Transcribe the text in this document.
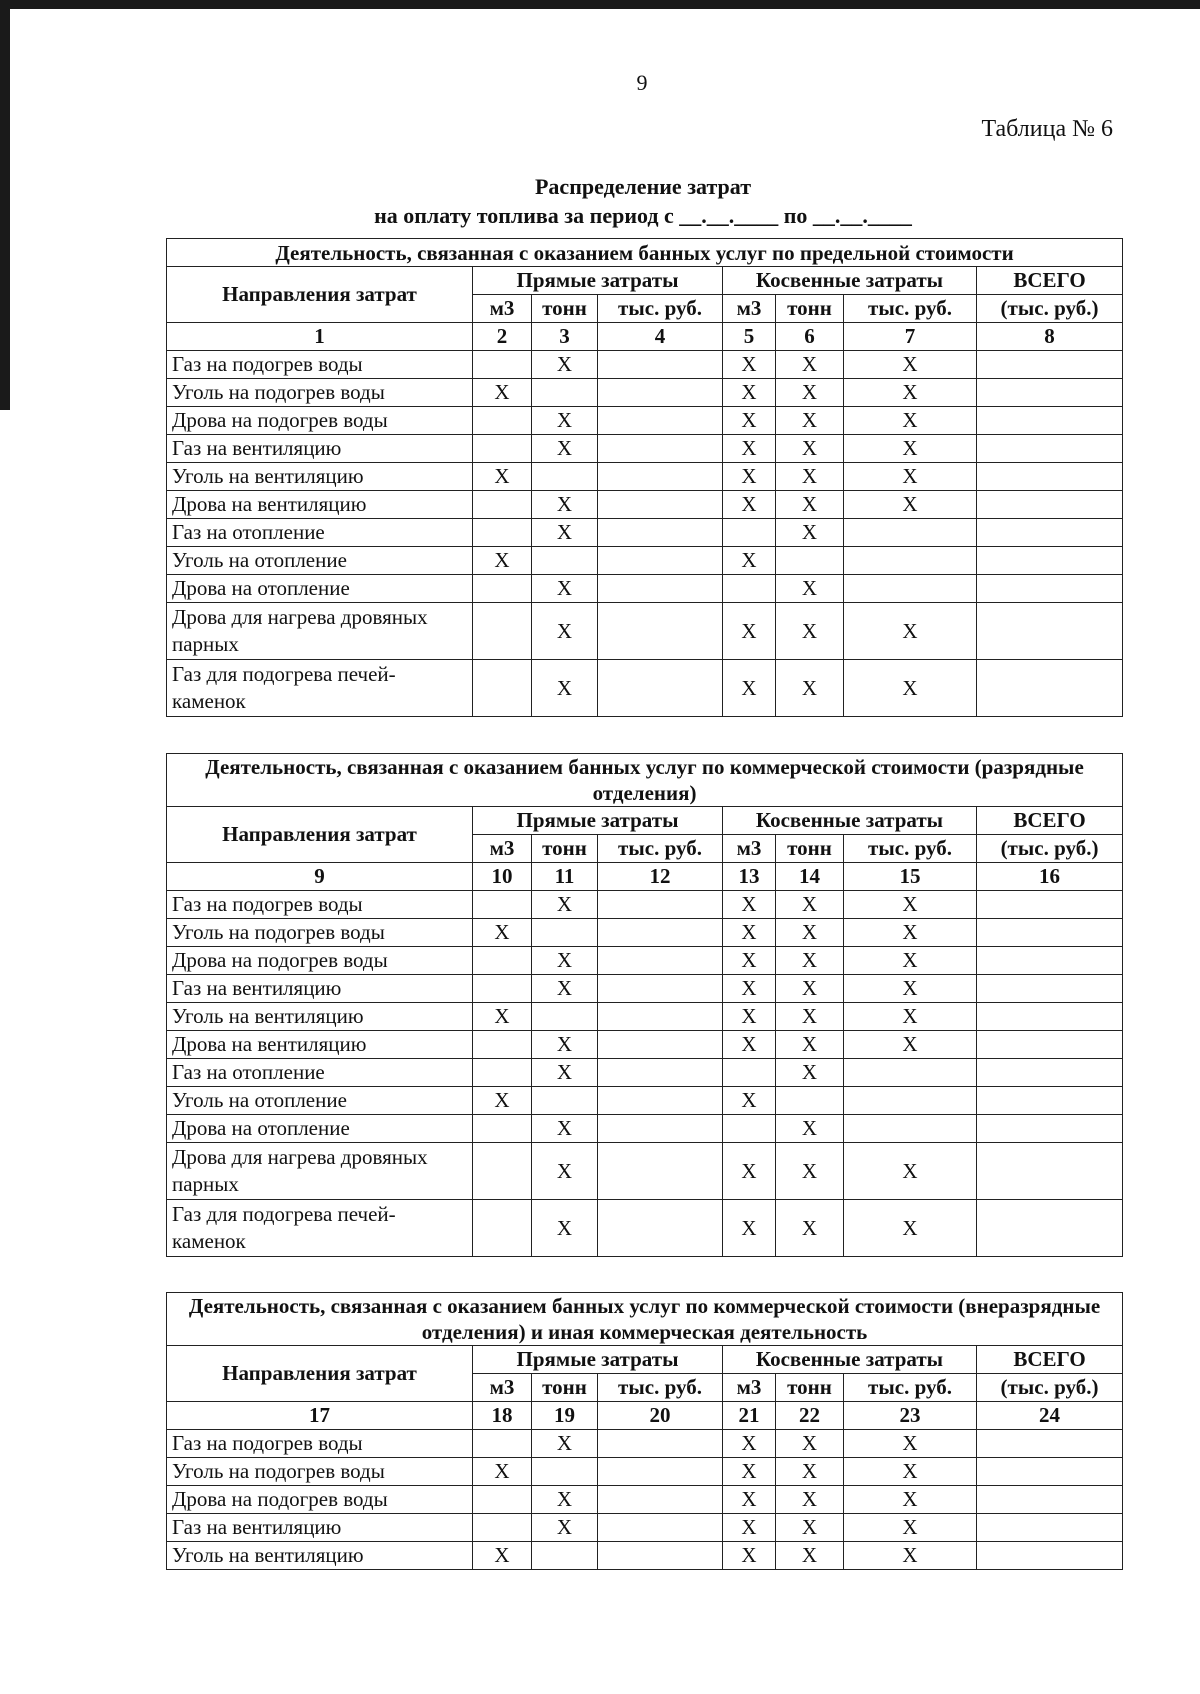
9
Таблица № 6
Распределение затрат
на оплату топлива за период с __.__.____ по __.__.____
Деятельность, связанная с оказанием банных услуг по предельной стоимости							
Направления затрат	Прямые затраты			Косвенные затраты			ВСЕГО
	м3	тонн	тыс. руб.	м3	тонн	тыс. руб.	(тыс. руб.)
1	2	3	4	5	6	7	8
Газ на подогрев воды		X		X	X	X	
Уголь на подогрев воды	X			X	X	X	
Дрова на подогрев воды		X		X	X	X	
Газ на вентиляцию		X		X	X	X	
Уголь на вентиляцию	X			X	X	X	
Дрова на вентиляцию		X		X	X	X	
Газ на отопление		X			X		
Уголь на отопление	X			X			
Дрова на отопление		X			X		
Дрова для нагрева дровяных парных		X		X	X	X	
Газ для подогрева печей-каменок		X		X	X	X	
Деятельность, связанная с оказанием банных услуг по коммерческой стоимости (разрядные отделения)							
Направления затрат	Прямые затраты			Косвенные затраты			ВСЕГО
	м3	тонн	тыс. руб.	м3	тонн	тыс. руб.	(тыс. руб.)
9	10	11	12	13	14	15	16
Газ на подогрев воды		X		X	X	X	
Уголь на подогрев воды	X			X	X	X	
Дрова на подогрев воды		X		X	X	X	
Газ на вентиляцию		X		X	X	X	
Уголь на вентиляцию	X			X	X	X	
Дрова на вентиляцию		X		X	X	X	
Газ на отопление		X			X		
Уголь на отопление	X			X			
Дрова на отопление		X			X		
Дрова для нагрева дровяных парных		X		X	X	X	
Газ для подогрева печей-каменок		X		X	X	X	
Деятельность, связанная с оказанием банных услуг по коммерческой стоимости (внеразрядные отделения) и иная коммерческая деятельность							
Направления затрат	Прямые затраты			Косвенные затраты			ВСЕГО
	м3	тонн	тыс. руб.	м3	тонн	тыс. руб.	(тыс. руб.)
17	18	19	20	21	22	23	24
Газ на подогрев воды		X		X	X	X	
Уголь на подогрев воды	X			X	X	X	
Дрова на подогрев воды		X		X	X	X	
Газ на вентиляцию		X		X	X	X	
Уголь на вентиляцию	X			X	X	X	
